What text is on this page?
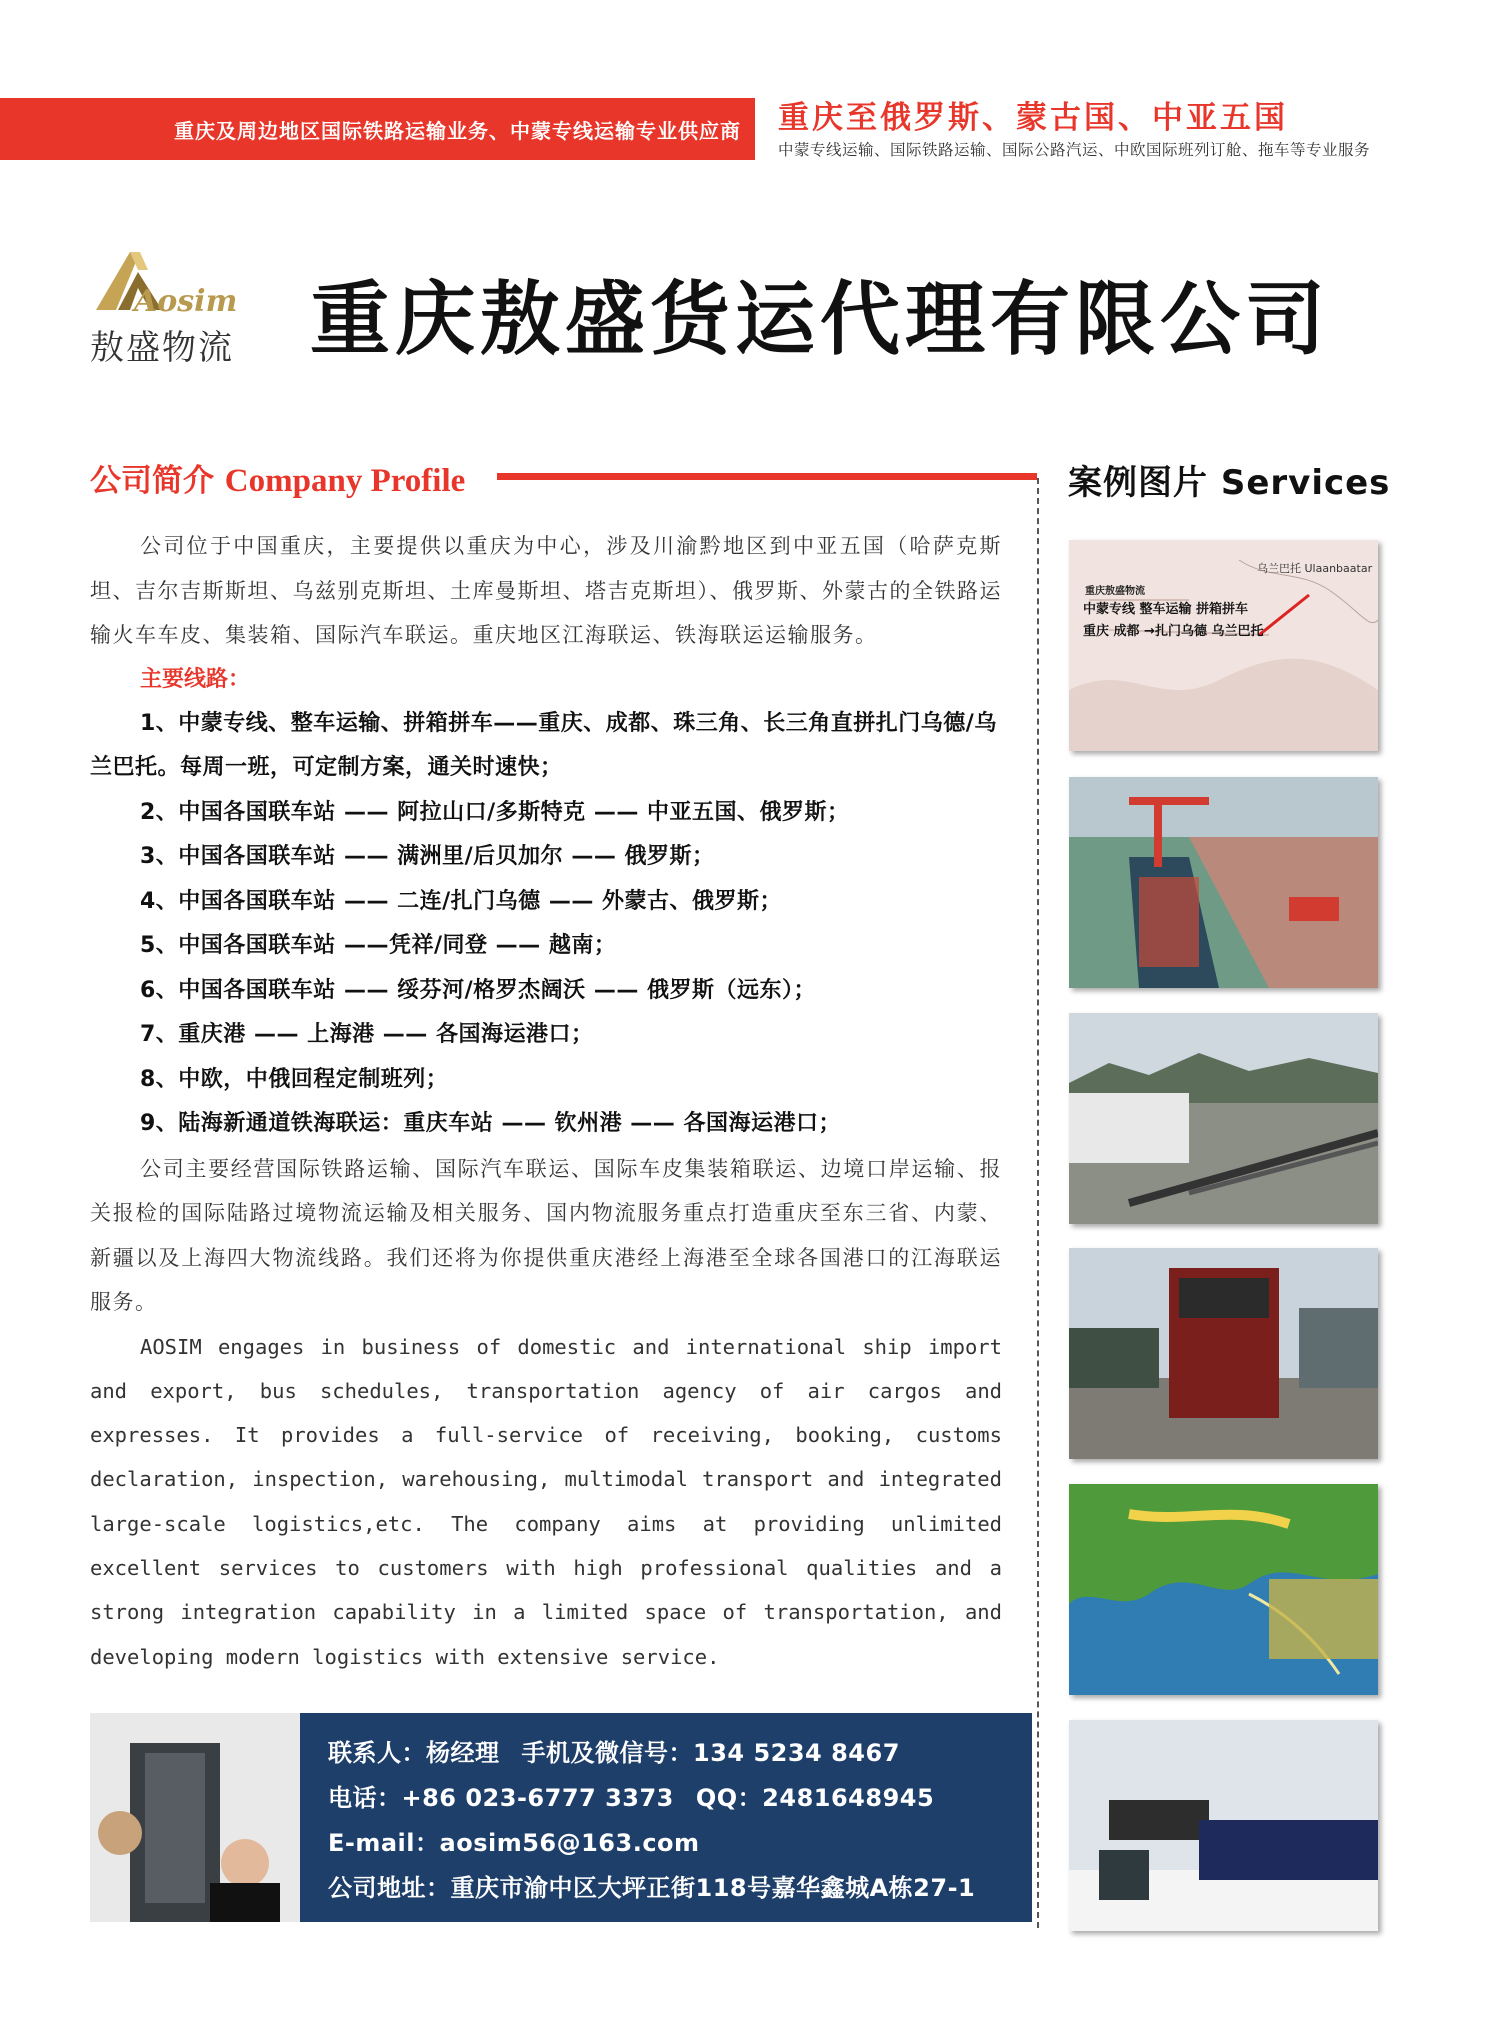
重庆及周边地区国际铁路运输业务、中蒙专线运输专业供应商 重庆至俄罗斯、蒙古国、中亚五国
中蒙专线运输、国际铁路运输、国际公路汽运、中欧国际班列订舱、拖车等专业服务
Aosim
敖盛物流 重庆敖盛货运代理有限公司
公司简介 Company Profile	案例图片 Services

公司位于中国重庆，主要提供以重庆为中心，涉及川渝黔地区到中亚五国（哈萨克斯坦、吉尔吉斯斯坦、乌兹别克斯坦、土库曼斯坦、塔吉克斯坦）、俄罗斯、外蒙古的全铁路运输火车车皮、集装箱、国际汽车联运。重庆地区江海联运、铁海联运运输服务。

主要线路：

1、中蒙专线、整车运输、拼箱拼车——重庆、成都、珠三角、长三角直拼扎门乌德/乌兰巴托。每周一班，可定制方案，通关时速快；

2、中国各国联车站 —— 阿拉山口/多斯特克 —— 中亚五国、俄罗斯；

3、中国各国联车站 —— 满洲里/后贝加尔 —— 俄罗斯；

4、中国各国联车站 —— 二连/扎门乌德 —— 外蒙古、俄罗斯；

5、中国各国联车站 ——凭祥/同登 —— 越南；

6、中国各国联车站 —— 绥芬河/格罗杰阔沃 —— 俄罗斯（远东）；

7、重庆港 —— 上海港 —— 各国海运港口；

8、中欧，中俄回程定制班列；

9、陆海新通道铁海联运：重庆车站 —— 钦州港 —— 各国海运港口；

公司主要经营国际铁路运输、国际汽车联运、国际车皮集装箱联运、边境口岸运输、报关报检的国际陆路过境物流运输及相关服务、国内物流服务重点打造重庆至东三省、内蒙、新疆以及上海四大物流线路。我们还将为你提供重庆港经上海港至全球各国港口的江海联运服务。

AOSIM engages in business of domestic and international ship import and export, bus schedules, transportation agency of air cargos and expresses. It provides a full-service of receiving, booking, customs declaration, inspection, warehousing, multimodal transport and integrated large-scale logistics,etc. The company aims at providing unlimited excellent services to customers with high professional qualities and a strong integration capability in a limited space of transportation, and developing modern logistics with extensive service.

重庆敖盛物流
中蒙专线 整车运输 拼箱拼车
重庆 成都 →扎门乌德 乌兰巴托
乌兰巴托 Ulaanbaatar
联系人：杨经理 手机及微信号：134 5234 8467
电话：+86 023-6777 3373 QQ：2481648945
E-mail：aosim56@163.com
公司地址：重庆市渝中区大坪正街118号嘉华鑫城A栋27-1
